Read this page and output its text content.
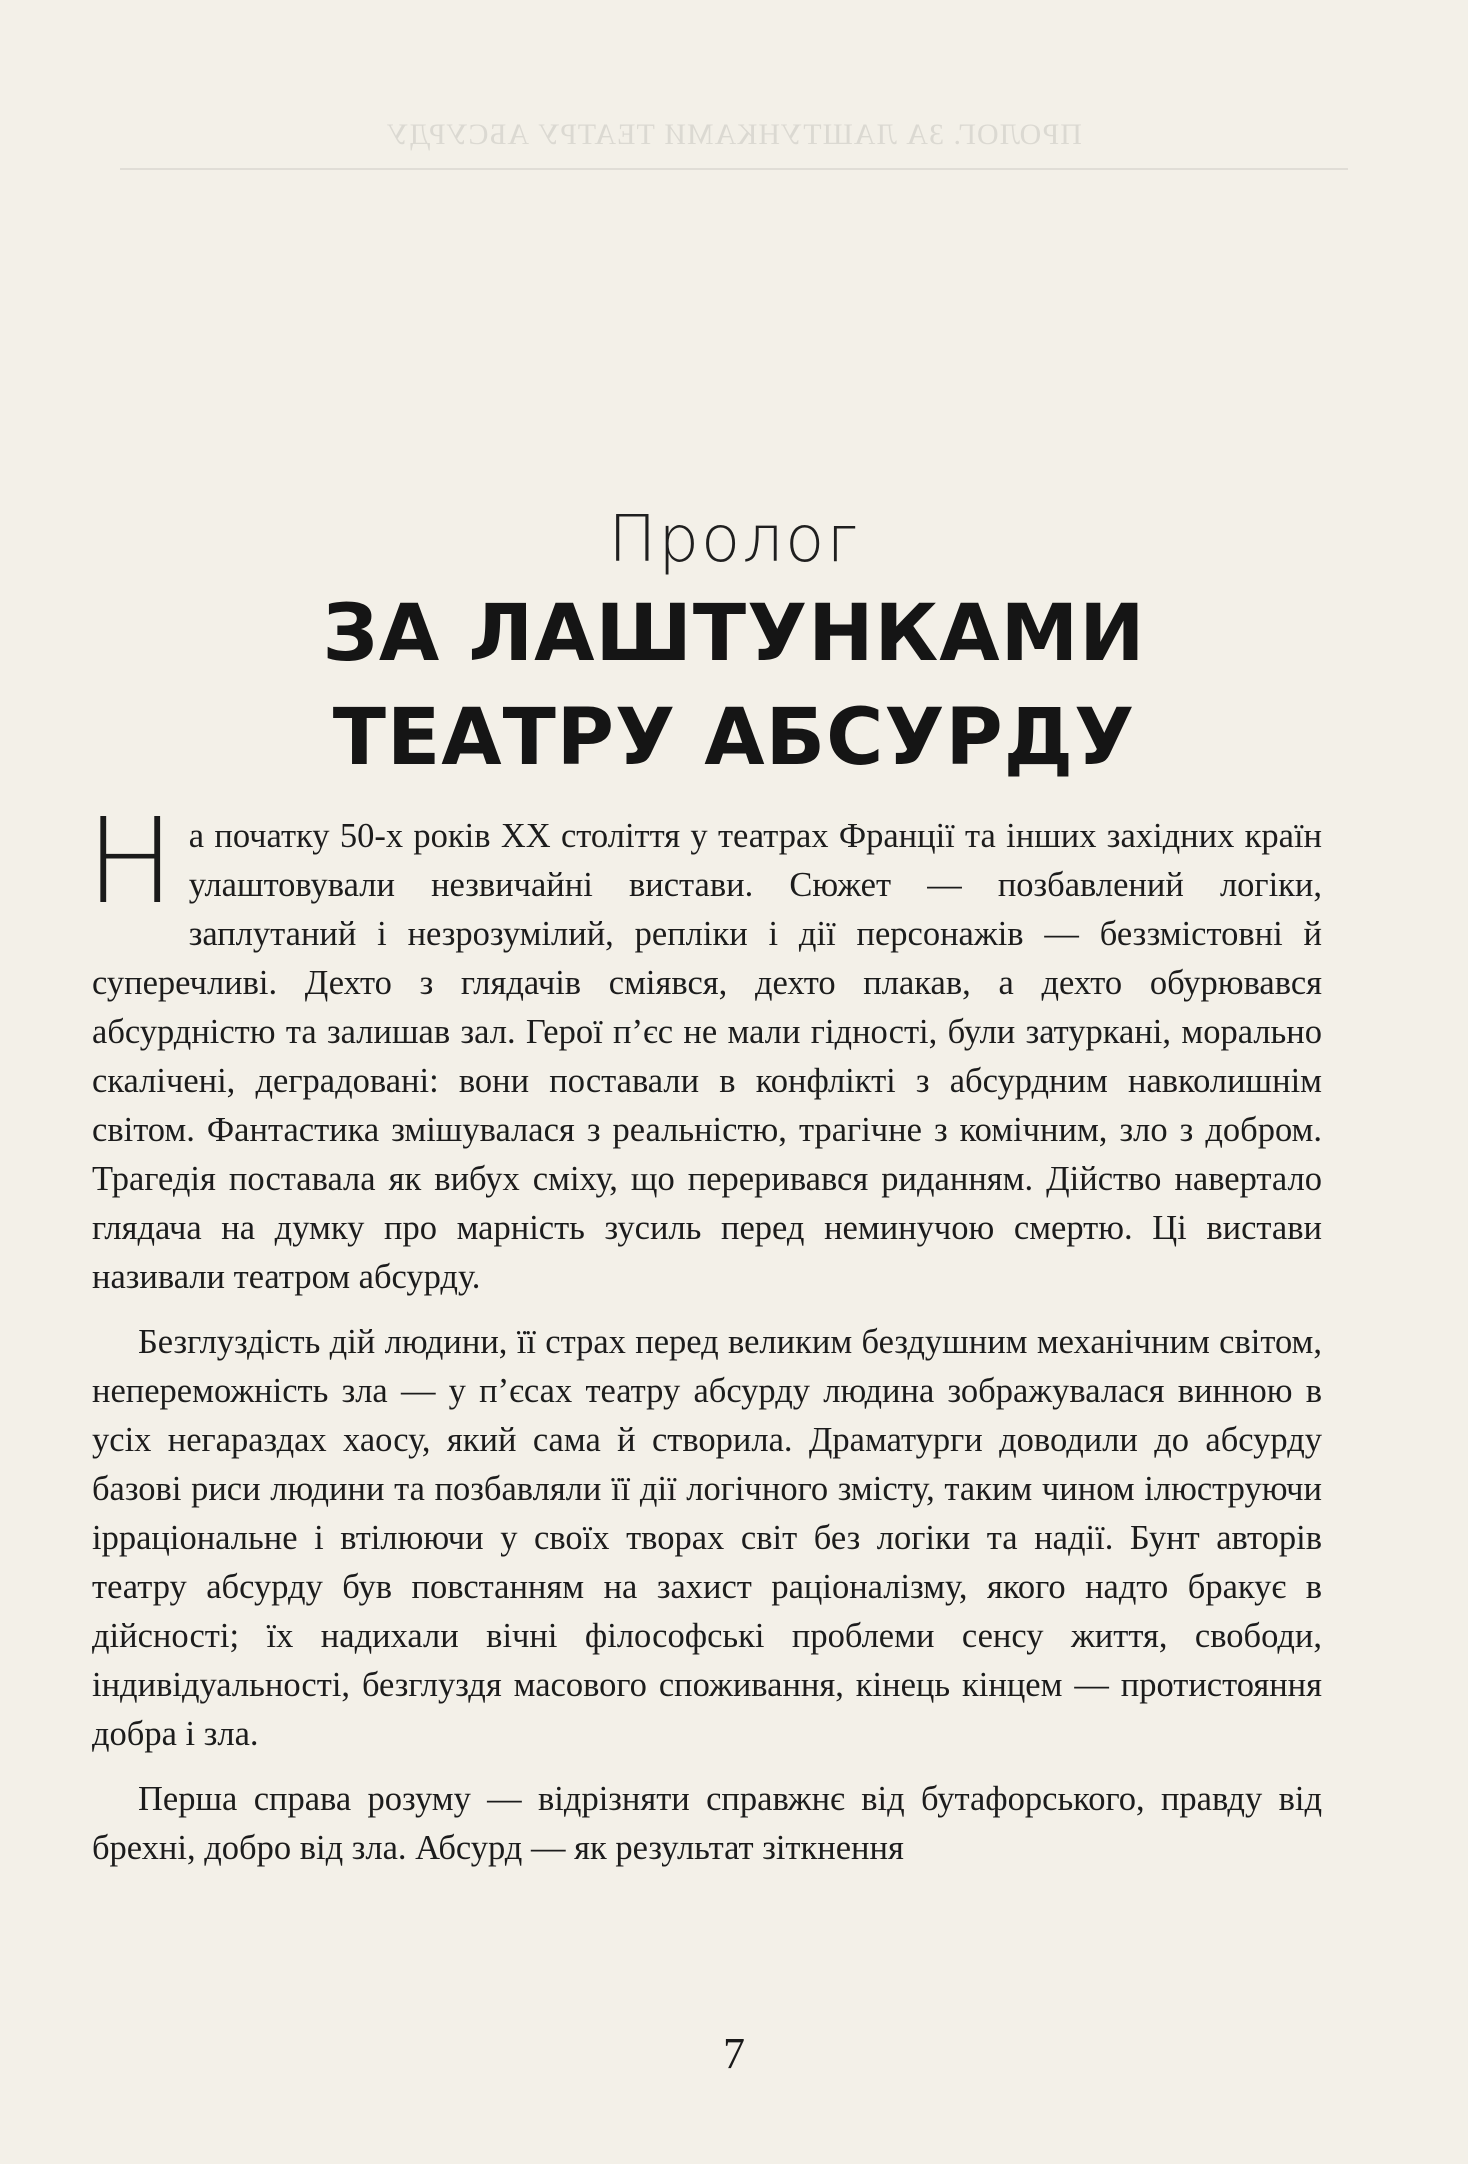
ПРОЛОГ. ЗА ЛАШТУНКАМИ ТЕАТРУ АБСУРДУ
Пролог
ЗА ЛАШТУНКАМИ
ТЕАТРУ АБСУРДУ

На початку 50-х років XX століття у театрах Франції та інших західних країн улаштовували незвичайні вистави. Сюжет — позбавлений логіки, заплутаний і незрозумілий, репліки і дії персонажів — беззмістовні й суперечливі. Дехто з глядачів сміявся, дехто плакав, а дехто обурювався абсурдністю та залишав зал. Герої п’єс не мали гідності, були затуркані, морально скалічені, деградовані: вони поставали в конфлікті з абсурдним навколишнім світом. Фантастика змішувалася з реальністю, трагічне з комічним, зло з добром. Трагедія поставала як вибух сміху, що переривався риданням. Дійство навертало глядача на думку про марність зусиль перед неминучою смертю. Ці вистави називали театром абсурду.

Безглуздість дій людини, її страх перед великим бездушним механічним світом, непереможність зла — у п’єсах театру абсурду людина зображувалася винною в усіх негараздах хаосу, який сама й створила. Драматурги доводили до абсурду базові риси людини та позбавляли її дії логічного змісту, таким чином ілюструючи ірраціональне і втілюючи у своїх творах світ без логіки та надії. Бунт авторів театру абсурду був повстанням на захист раціоналізму, якого надто бракує в дійсності; їх надихали вічні філософські проблеми сенсу життя, свободи, індивідуальності, безглуздя масового споживання, кінець кінцем — протистояння добра і зла.

Перша справа розуму — відрізняти справжнє від бутафорського, правду від брехні, добро від зла. Абсурд — як результат зіткнення

7
